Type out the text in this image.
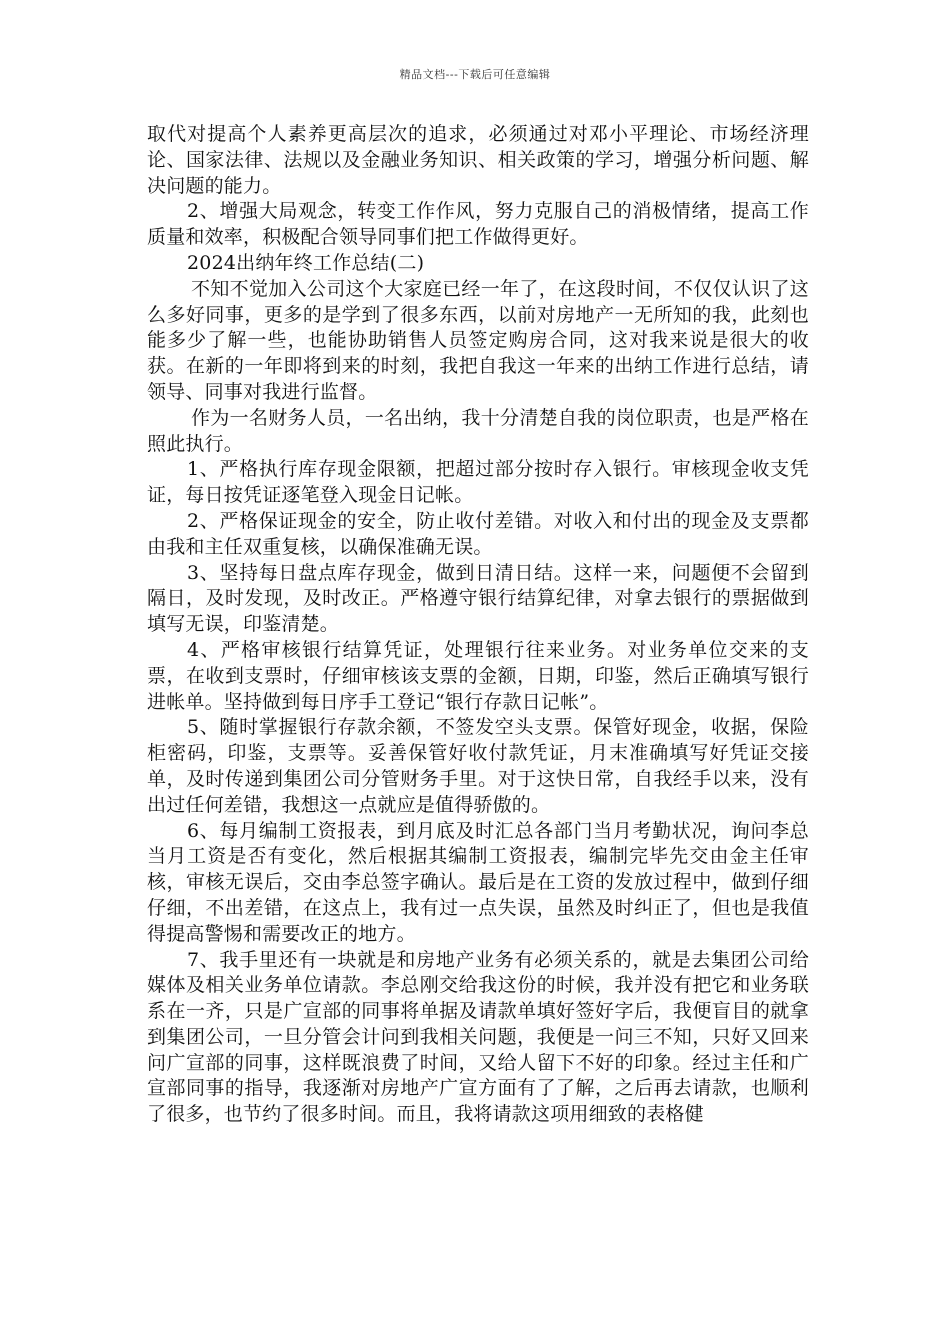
精品文档---下载后可任意编辑

取代对提高个人素养更高层次的追求，必须通过对邓小平理论、市场经济理论、国家法律、法规以及金融业务知识、相关政策的学习，增强分析问题、解决问题的能力。

2、增强大局观念，转变工作作风，努力克服自己的消极情绪，提高工作质量和效率，积极配合领导同事们把工作做得更好。

2024出纳年终工作总结(二)

不知不觉加入公司这个大家庭已经一年了，在这段时间，不仅仅认识了这么多好同事，更多的是学到了很多东西，以前对房地产一无所知的我，此刻也能多少了解一些，也能协助销售人员签定购房合同，这对我来说是很大的收获。在新的一年即将到来的时刻，我把自我这一年来的出纳工作进行总结，请领导、同事对我进行监督。

作为一名财务人员，一名出纳，我十分清楚自我的岗位职责，也是严格在照此执行。

1、严格执行库存现金限额，把超过部分按时存入银行。审核现金收支凭证，每日按凭证逐笔登入现金日记帐。

2、严格保证现金的安全，防止收付差错。对收入和付出的现金及支票都由我和主任双重复核，以确保准确无误。

3、坚持每日盘点库存现金，做到日清日结。这样一来，问题便不会留到隔日，及时发现，及时改正。严格遵守银行结算纪律，对拿去银行的票据做到填写无误，印鉴清楚。

4、严格审核银行结算凭证，处理银行往来业务。对业务单位交来的支票，在收到支票时，仔细审核该支票的金额，日期，印鉴，然后正确填写银行进帐单。坚持做到每日序手工登记“银行存款日记帐”。

5、随时掌握银行存款余额，不签发空头支票。保管好现金，收据，保险柜密码，印鉴，支票等。妥善保管好收付款凭证，月末准确填写好凭证交接单，及时传递到集团公司分管财务手里。对于这快日常，自我经手以来，没有出过任何差错，我想这一点就应是值得骄傲的。

6、每月编制工资报表，到月底及时汇总各部门当月考勤状况，询问李总当月工资是否有变化，然后根据其编制工资报表，编制完毕先交由金主任审核，审核无误后，交由李总签字确认。最后是在工资的发放过程中，做到仔细仔细，不出差错，在这点上，我有过一点失误，虽然及时纠正了，但也是我值得提高警惕和需要改正的地方。

7、我手里还有一块就是和房地产业务有必须关系的，就是去集团公司给媒体及相关业务单位请款。李总刚交给我这份的时候，我并没有把它和业务联系在一齐，只是广宣部的同事将单据及请款单填好签好字后，我便盲目的就拿到集团公司，一旦分管会计问到我相关问题，我便是一问三不知，只好又回来问广宣部的同事，这样既浪费了时间，又给人留下不好的印象。经过主任和广宣部同事的指导，我逐渐对房地产广宣方面有了了解，之后再去请款，也顺利了很多，也节约了很多时间。而且，我将请款这项用细致的表格健
